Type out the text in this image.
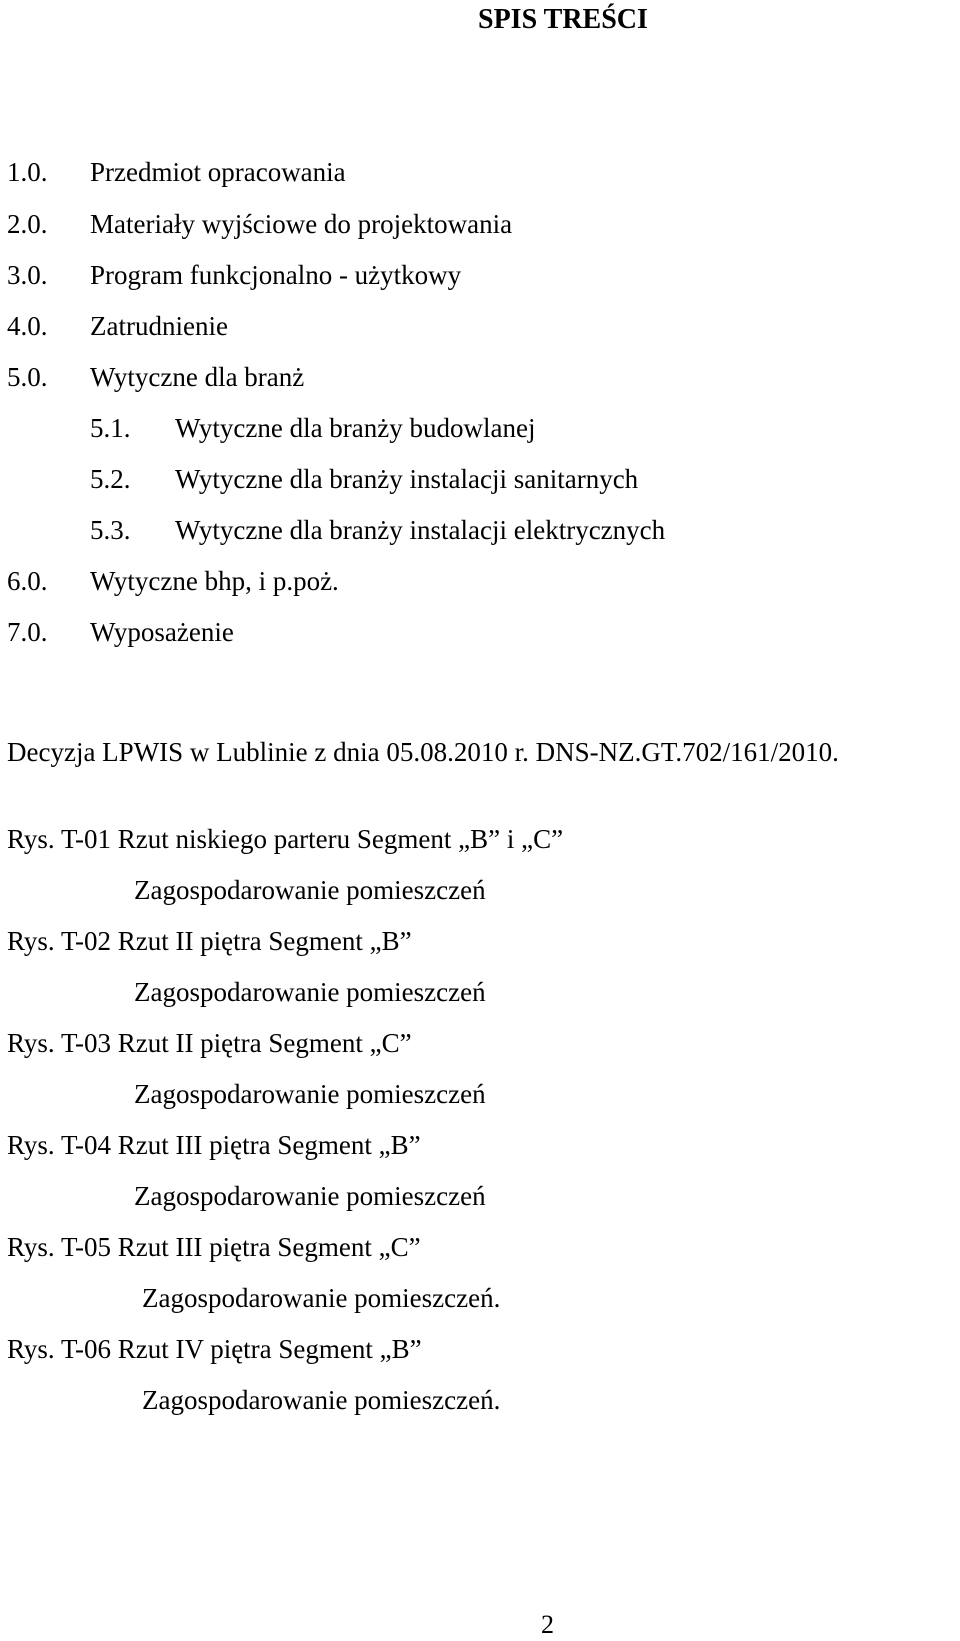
SPIS TREŚCI
1.0. Przedmiot opracowania
2.0. Materiały wyjściowe do projektowania
3.0. Program funkcjonalno - użytkowy
4.0. Zatrudnienie
5.0. Wytyczne dla branż
5.1. Wytyczne dla branży budowlanej
5.2. Wytyczne dla branży instalacji sanitarnych
5.3. Wytyczne dla branży instalacji elektrycznych
6.0. Wytyczne bhp, i p.poż.
7.0. Wyposażenie
Decyzja LPWIS w Lublinie z dnia 05.08.2010 r. DNS-NZ.GT.702/161/2010.
Rys. T-01 Rzut niskiego parteru Segment „B” i „C”
Zagospodarowanie pomieszczeń
Rys. T-02 Rzut II piętra Segment „B”
Zagospodarowanie pomieszczeń
Rys. T-03 Rzut II piętra Segment „C”
Zagospodarowanie pomieszczeń
Rys. T-04 Rzut III piętra Segment „B”
Zagospodarowanie pomieszczeń
Rys. T-05 Rzut III piętra Segment „C”
Zagospodarowanie pomieszczeń.
Rys. T-06 Rzut IV piętra Segment „B”
Zagospodarowanie pomieszczeń.
2
